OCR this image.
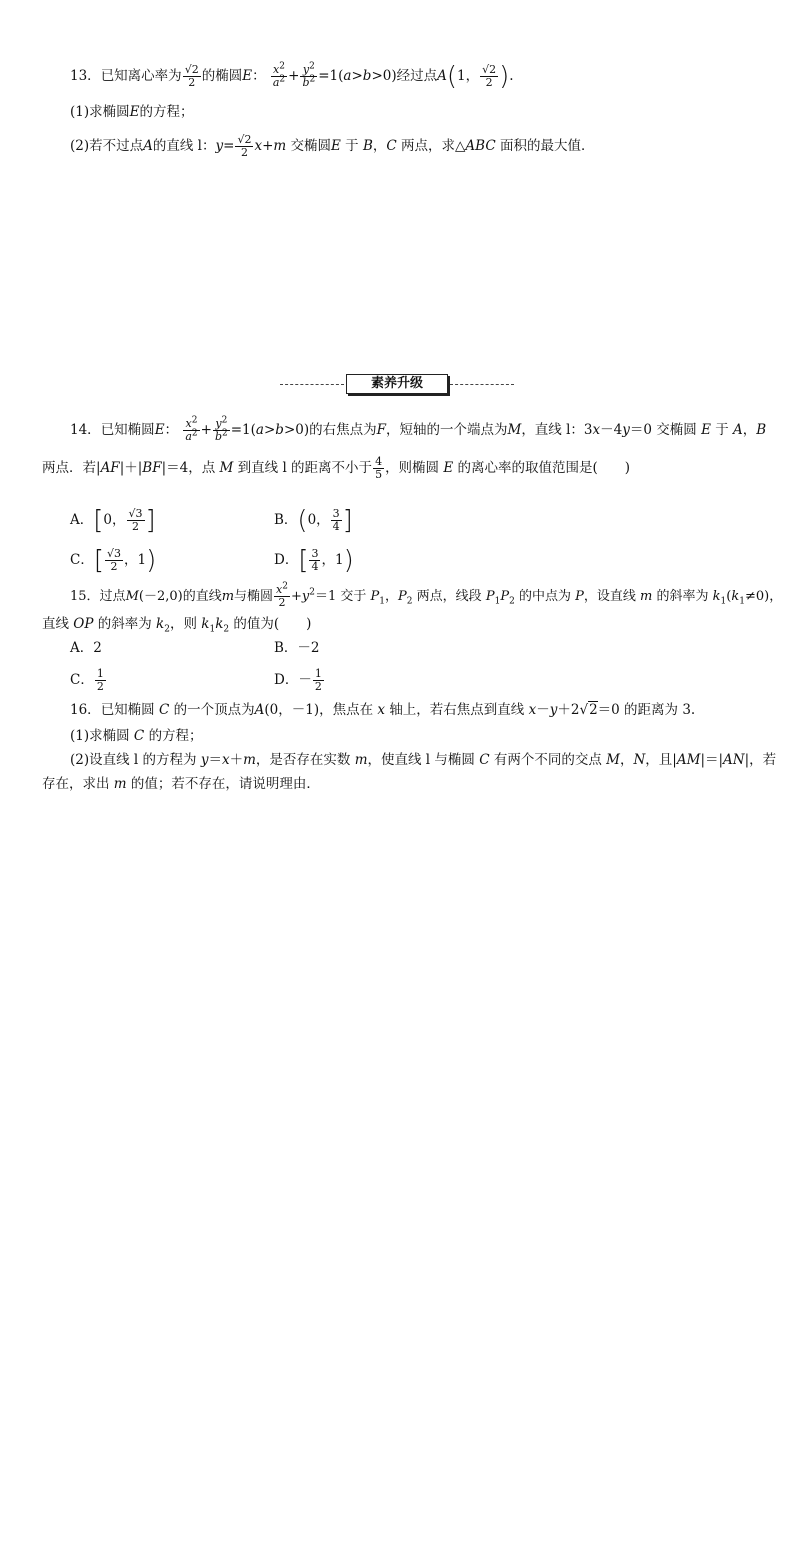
13．已知离心率为 $\frac{√2}{2}$ 的椭圆E： $\frac{x^2}{a^2} + \frac{y^2}{b^2} =1(a>b>0)$经过点A(1， $\frac{√2}{2}$ ).
(1)求椭圆E的方程；
(2)若不过点A的直线 l：$y= \frac{√2}{2} x+m$ 交椭圆E 于 B，C 两点，求△ABC 面积的最大值．
素养升级
14．已知椭圆E： $\frac{x^2}{a^2} + \frac{y^2}{b^2} =1(a>b>0)$的右焦点为F，短轴的一个端点为M，直线 l：3x－4y＝0 交椭圆 E 于 A，B
两点．若|AF|＋|BF|＝4，点 M 到直线 l 的距离不小于 $\frac{4}{5}$ ，则椭圆 E 的离心率的取值范围是(　　)
A．[0， $\frac{√3}{2}$ ]	B．(0， $\frac{3}{4}$ ]
C．[ $\frac{√3}{2}$ ，1)	D．[ $\frac{3}{4}$ ，1)
15．过点M(－2,0)的直线m与椭圆 $\frac{x^2}{2} +y^2=1$ 交于 $P_1$，$P_2$ 两点，线段 $P_1P_2$ 的中点为 P，设直线 m 的斜率为 $k_1(k_1\ne 0)$，
直线 OP 的斜率为 $k_2$，则 $k_1k_2$ 的值为(　　)
A．2	B．－2
C． $\frac{1}{2}$	D．－ $\frac{1}{2}$
16．已知椭圆 C 的一个顶点为A(0，－1)，焦点在 x 轴上，若右焦点到直线 x－y＋2√2＝0 的距离为 3.
(1)求椭圆 C 的方程；
(2)设直线 l 的方程为 y＝x＋m，是否存在实数 m，使直线 l 与椭圆 C 有两个不同的交点 M，N，且|AM|＝|AN|，若
存在，求出 m 的值；若不存在，请说明理由．
